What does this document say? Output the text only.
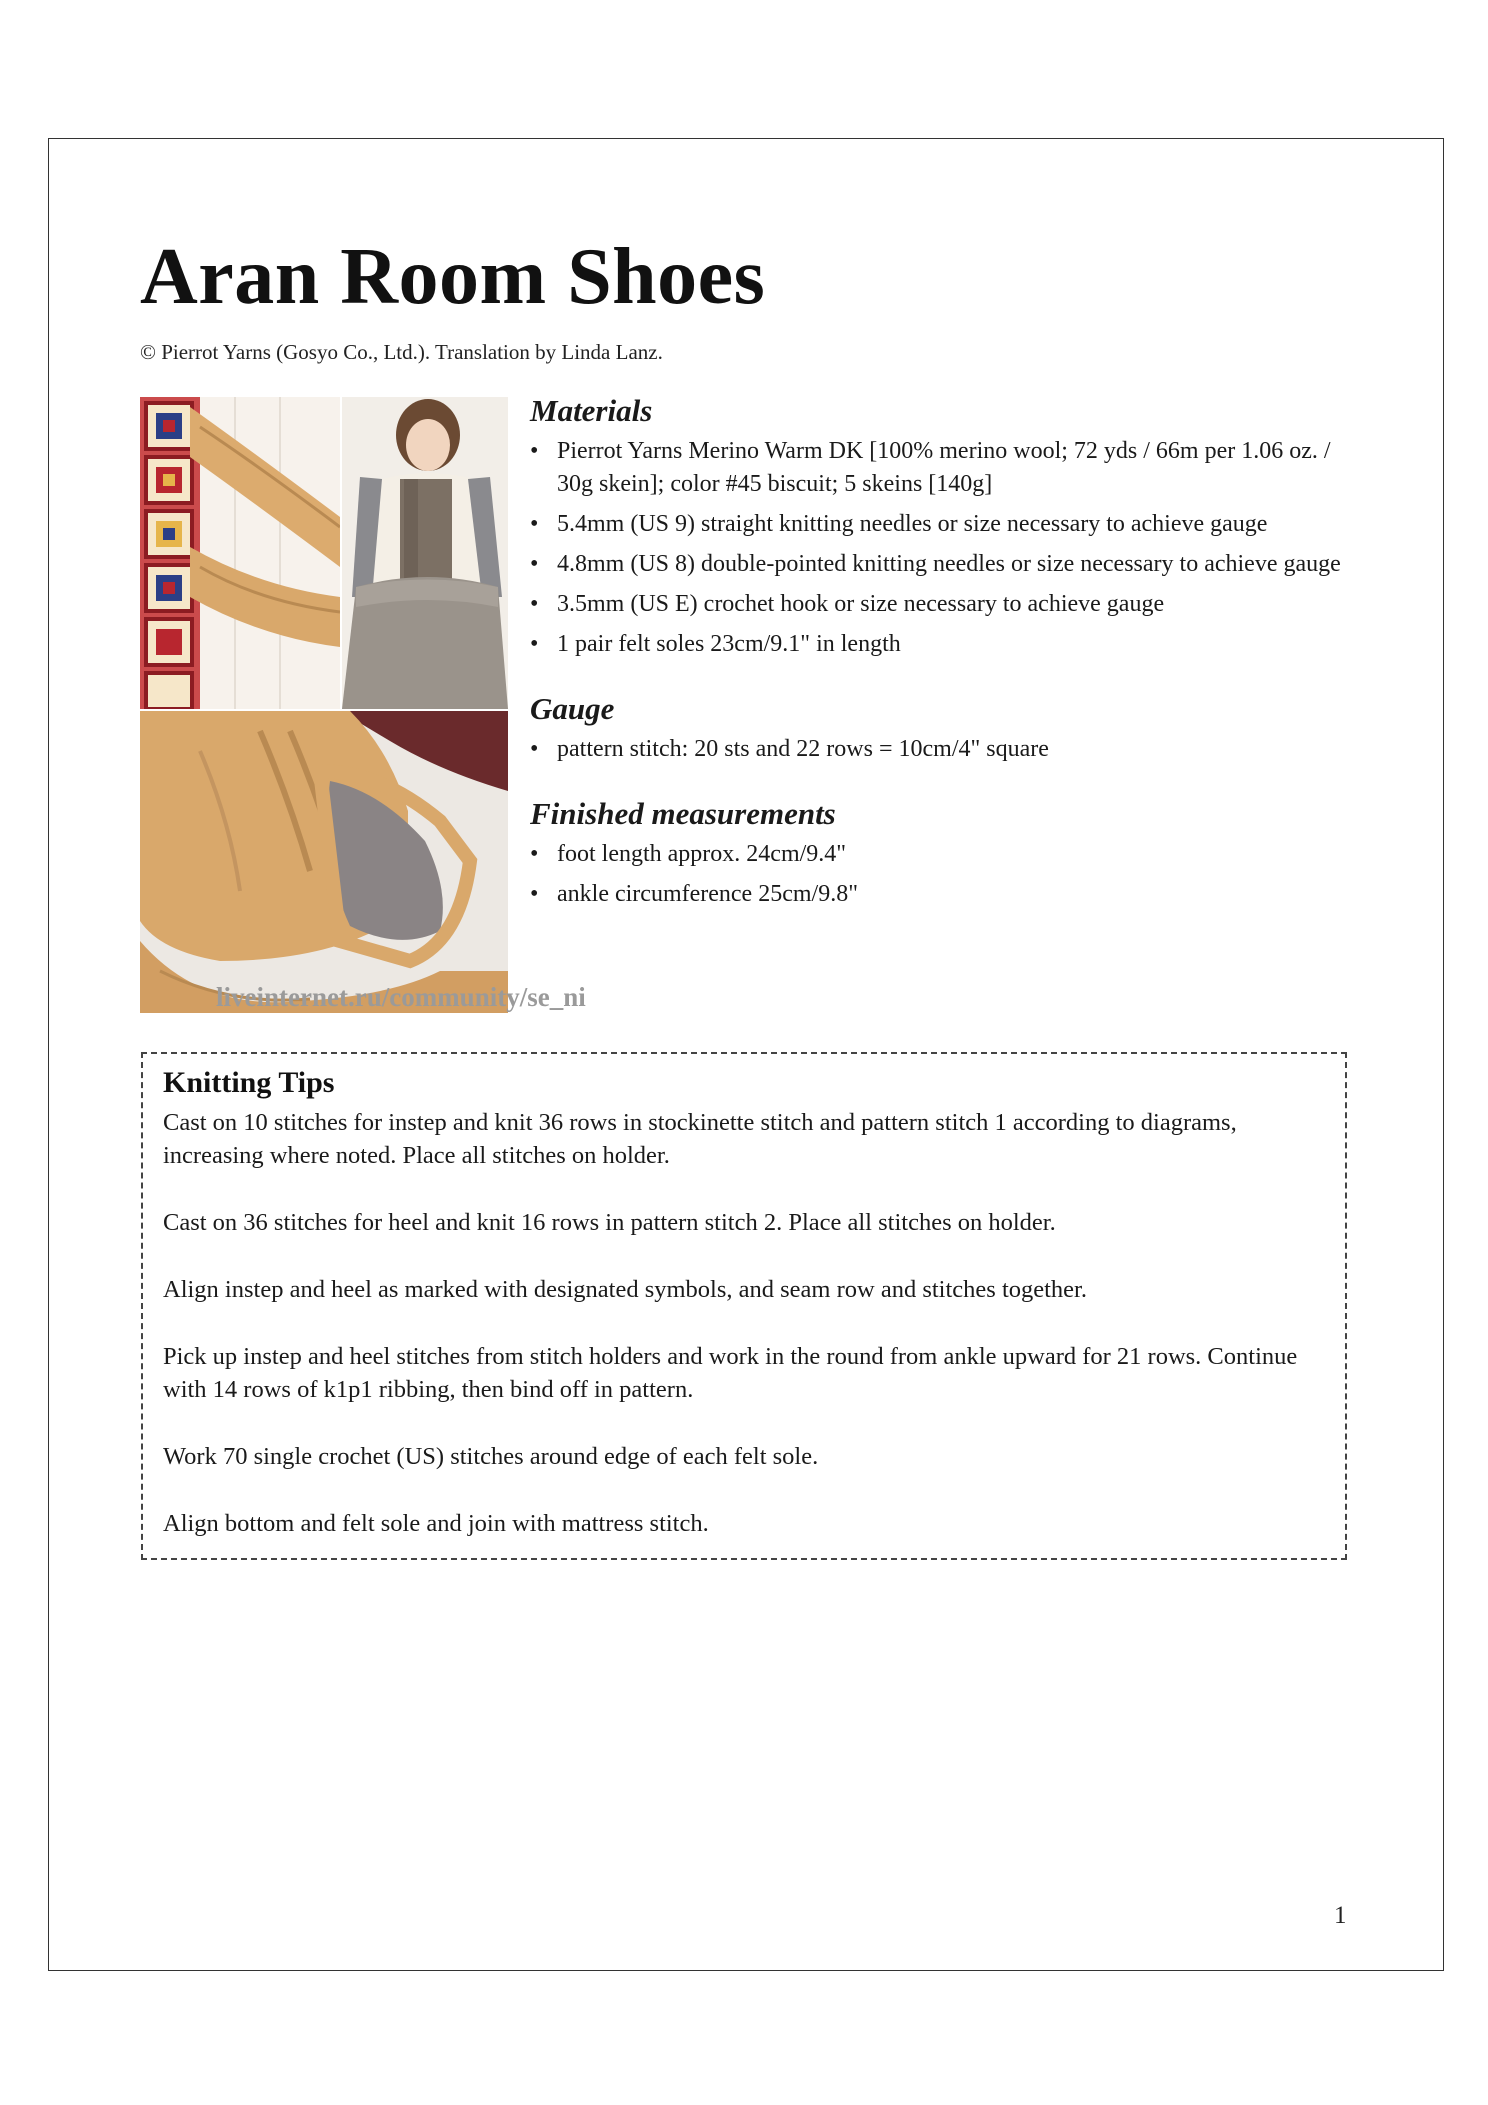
Aran Room Shoes

© Pierrot Yarns (Gosyo Co., Ltd.). Translation by Linda Lanz.

liveinternet.ru/community/se_ni

Materials
• Pierrot Yarns Merino Warm DK [100% merino wool; 72 yds / 66m per 1.06 oz. / 30g skein]; color #45 biscuit; 5 skeins [140g]
• 5.4mm (US 9) straight knitting needles or size necessary to achieve gauge
• 4.8mm (US 8) double-pointed knitting needles or size necessary to achieve gauge
• 3.5mm (US E) crochet hook or size necessary to achieve gauge
• 1 pair felt soles 23cm/9.1" in length
Gauge
• pattern stitch: 20 sts and 22 rows = 10cm/4" square
Finished measurements
• foot length approx. 24cm/9.4"
• ankle circumference 25cm/9.8"
Knitting Tips

Cast on 10 stitches for instep and knit 36 rows in stockinette stitch and pattern stitch 1 according to diagrams, increasing where noted. Place all stitches on holder.

Cast on 36 stitches for heel and knit 16 rows in pattern stitch 2. Place all stitches on holder.

Align instep and heel as marked with designated symbols, and seam row and stitches together.

Pick up instep and heel stitches from stitch holders and work in the round from ankle upward for 21 rows. Continue with 14 rows of k1p1 ribbing, then bind off in pattern.

Work 70 single crochet (US) stitches around edge of each felt sole.

Align bottom and felt sole and join with mattress stitch.

1
